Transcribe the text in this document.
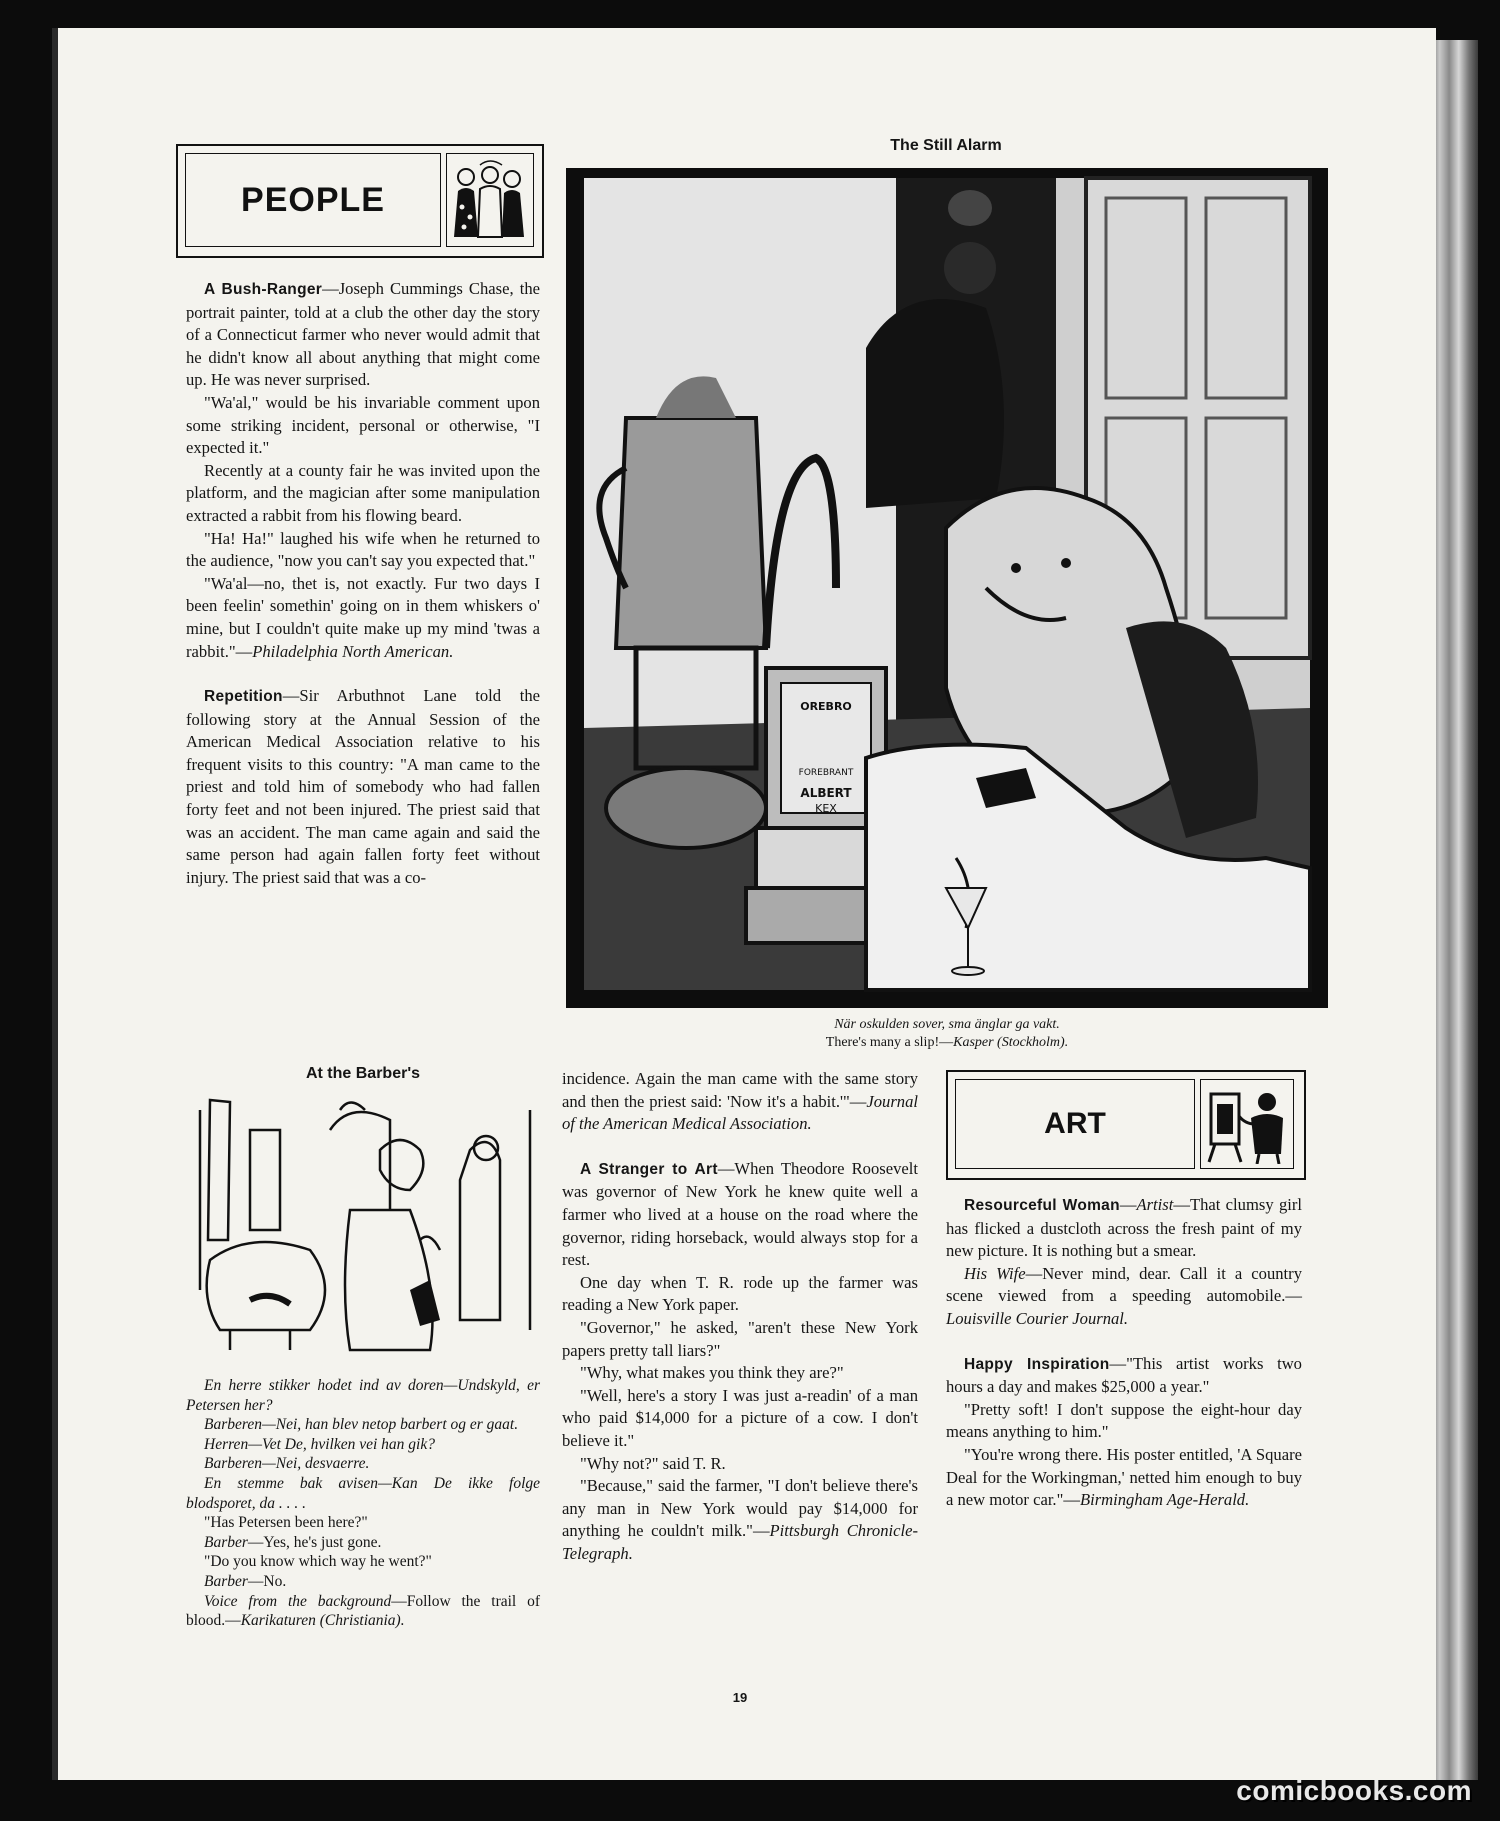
PEOPLE
The Still Alarm
OREBRO
FOREBRANT
ALBERT
KEX
När oskulden sover, sma änglar ga vakt.
There's many a slip!—Kasper (Stockholm).

A Bush-Ranger—Joseph Cummings Chase, the portrait painter, told at a club the other day the story of a Connecticut farmer who never would admit that he didn't know all about anything that might come up. He was never surprised.

"Wa'al," would be his invariable comment upon some striking incident, personal or otherwise, "I expected it."

Recently at a county fair he was invited upon the platform, and the magician after some manipulation extracted a rabbit from his flowing beard.

"Ha! Ha!" laughed his wife when he returned to the audience, "now you can't say you expected that."

"Wa'al—no, thet is, not exactly. Fur two days I been feelin' somethin' going on in them whiskers o' mine, but I couldn't quite make up my mind 'twas a rabbit."—Philadelphia North American.

Repetition—Sir Arbuthnot Lane told the following story at the Annual Session of the American Medical Association relative to his frequent visits to this country: "A man came to the priest and told him of somebody who had fallen forty feet and not been injured. The priest said that was an accident. The man came again and said the same person had again fallen forty feet without injury. The priest said that was a co-

At the Barber's

En herre stikker hodet ind av doren—Undskyld, er Petersen her?

Barberen—Nei, han blev netop barbert og er gaat.

Herren—Vet De, hvilken vei han gik?

Barberen—Nei, desvaerre.

En stemme bak avisen—Kan De ikke folge blodsporet, da . . . .

"Has Petersen been here?"

Barber—Yes, he's just gone.

"Do you know which way he went?"

Barber—No.

Voice from the background—Follow the trail of blood.—Karikaturen (Christiania).

incidence. Again the man came with the same story and then the priest said: 'Now it's a habit.'"—Journal of the American Medical Association.

A Stranger to Art—When Theodore Roosevelt was governor of New York he knew quite well a farmer who lived at a house on the road where the governor, riding horseback, would always stop for a rest.

One day when T. R. rode up the farmer was reading a New York paper.

"Governor," he asked, "aren't these New York papers pretty tall liars?"

"Why, what makes you think they are?"

"Well, here's a story I was just a-readin' of a man who paid $14,000 for a picture of a cow. I don't believe it."

"Why not?" said T. R.

"Because," said the farmer, "I don't believe there's any man in New York would pay $14,000 for anything he couldn't milk."—Pittsburgh Chronicle-Telegraph.

ART

Resourceful Woman—Artist—That clumsy girl has flicked a dustcloth across the fresh paint of my new picture. It is nothing but a smear.

His Wife—Never mind, dear. Call it a country scene viewed from a speeding automobile.—Louisville Courier Journal.

Happy Inspiration—"This artist works two hours a day and makes $25,000 a year."

"Pretty soft! I don't suppose the eight-hour day means anything to him."

"You're wrong there. His poster entitled, 'A Square Deal for the Workingman,' netted him enough to buy a new motor car."—Birmingham Age-Herald.

19
comicbooks.com
